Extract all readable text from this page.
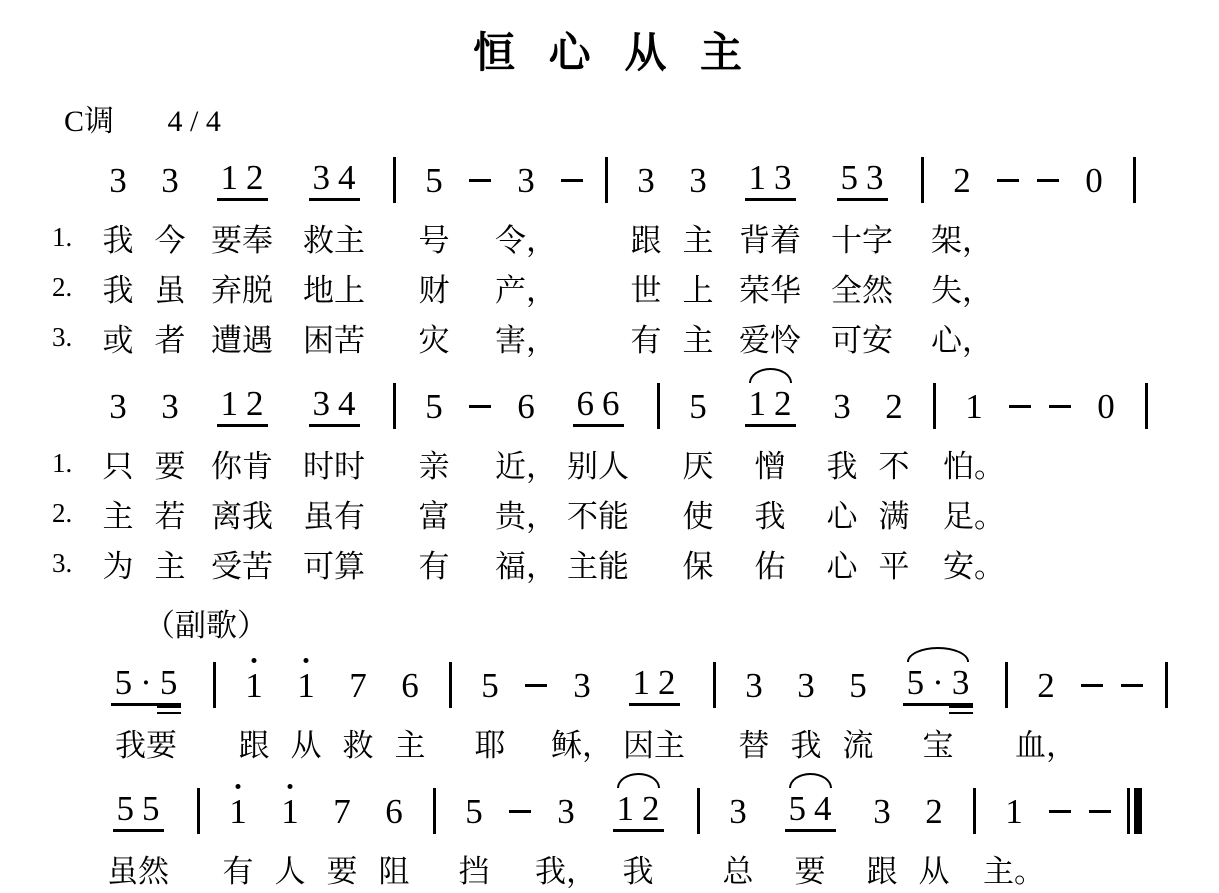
恒 心 从 主
C调 4 / 4
1.
2.
3.
3
我
我
或
3
今
虽
者
1 2
要奉
弃脱
遭遇
3 4
救主
地上
困苦
5
号
财
灾
3
令，
产，
害，
3
跟
世
有
3
主
上
主
1 3
背着
荣华
爱怜
5 3
十字
全然
可安
2
架，
失，
心，
0
1.
2.
3.
3
只
主
为
3
要
若
主
1 2
你肯
离我
受苦
3 4
时时
虽有
可算
5
亲
富
有
6
近，
贵，
福，
6 6
别人
不能
主能
5
厌
使
保
1 2
憎
我
佑
3
我
心
心
2
不
满
平
1
怕。
足。
安。
0
（副歌）
5 · 5
我要
1
跟
1
从
7
救
6
主
5
耶
3
稣，
1 2
因主
3
替
3
我
5
流
5 · 3
宝
2
血，
5 5
虽然
1
有
1
人
7
要
6
阻
5
挡
3
我，
1 2
我
3
总
5 4
要
3
跟
2
从
1
主。
